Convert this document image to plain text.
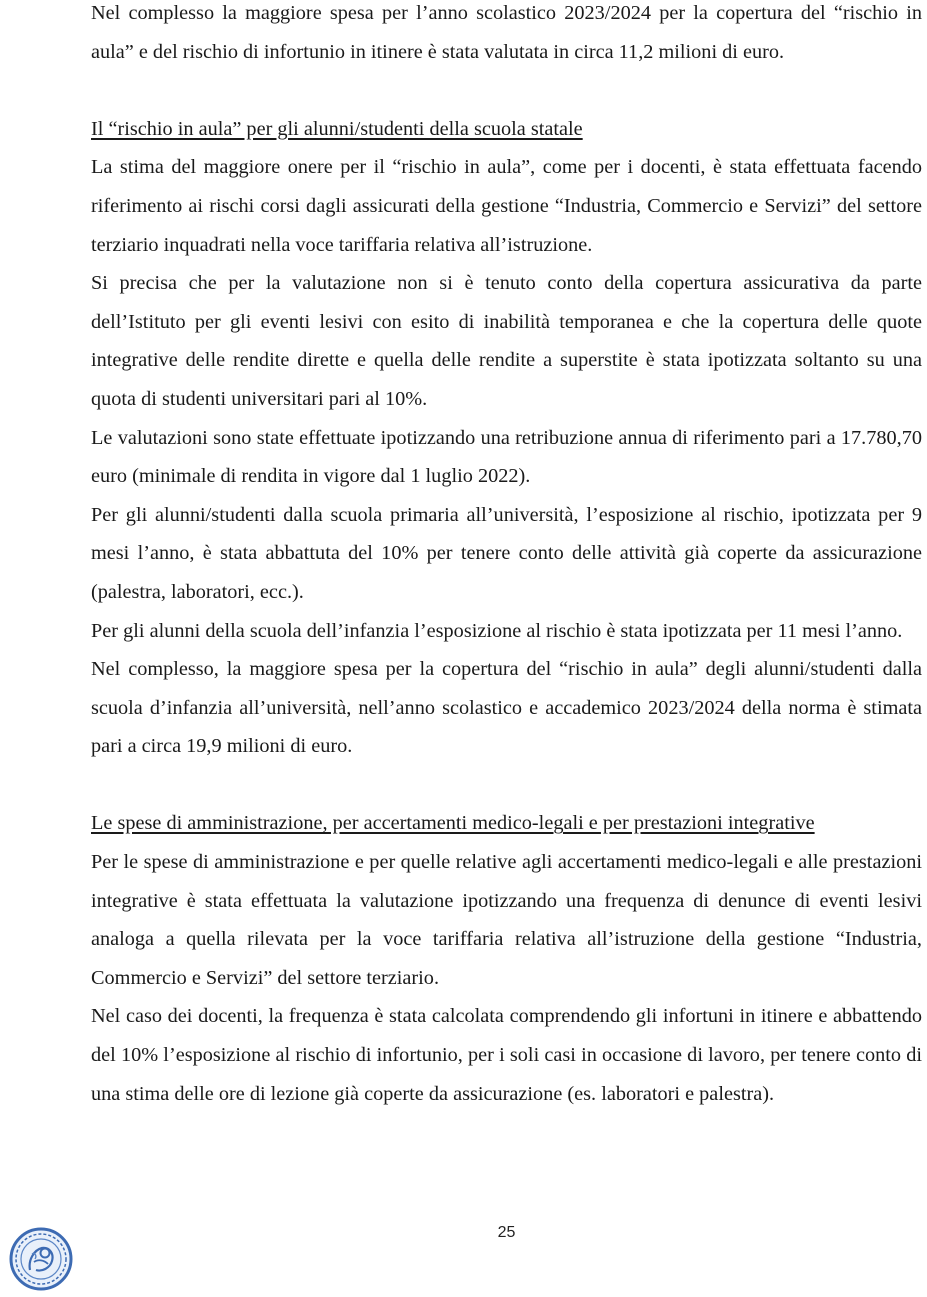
Nel complesso la maggiore spesa per l’anno scolastico 2023/2024 per la copertura del “rischio in aula” e del rischio di infortunio in itinere è stata valutata in circa 11,2 milioni di euro.

Il “rischio in aula” per gli alunni/studenti della scuola statale

La stima del maggiore onere per il “rischio in aula”, come per i docenti, è stata effettuata facendo riferimento ai rischi corsi dagli assicurati della gestione “Industria, Commercio e Servizi” del settore terziario inquadrati nella voce tariffaria relativa all’istruzione.

Si precisa che per la valutazione non si è tenuto conto della copertura assicurativa da parte dell’Istituto per gli eventi lesivi con esito di inabilità temporanea e che la copertura delle quote integrative delle rendite dirette e quella delle rendite a superstite è stata ipotizzata soltanto su una quota di studenti universitari pari al 10%.

Le valutazioni sono state effettuate ipotizzando una retribuzione annua di riferimento pari a 17.780,70 euro (minimale di rendita in vigore dal 1 luglio 2022).

Per gli alunni/studenti dalla scuola primaria all’università, l’esposizione al rischio, ipotizzata per 9 mesi l’anno, è stata abbattuta del 10% per tenere conto delle attività già coperte da assicurazione (palestra, laboratori, ecc.).

Per gli alunni della scuola dell’infanzia l’esposizione al rischio è stata ipotizzata per 11 mesi l’anno.

Nel complesso, la maggiore spesa per la copertura del “rischio in aula” degli alunni/studenti dalla scuola d’infanzia all’università, nell’anno scolastico e accademico 2023/2024 della norma è stimata pari a circa 19,9 milioni di euro.

Le spese di amministrazione, per accertamenti medico-legali e per prestazioni integrative

Per le spese di amministrazione e per quelle relative agli accertamenti medico-legali e alle prestazioni integrative è stata effettuata la valutazione ipotizzando una frequenza di denunce di eventi lesivi analoga a quella rilevata per la voce tariffaria relativa all’istruzione della gestione “Industria, Commercio e Servizi” del settore terziario.

Nel caso dei docenti, la frequenza è stata calcolata comprendendo gli infortuni in itinere e abbattendo del 10% l’esposizione al rischio di infortunio, per i soli casi in occasione di lavoro, per tenere conto di una stima delle ore di lezione già coperte da assicurazione (es. laboratori e palestra).

25
